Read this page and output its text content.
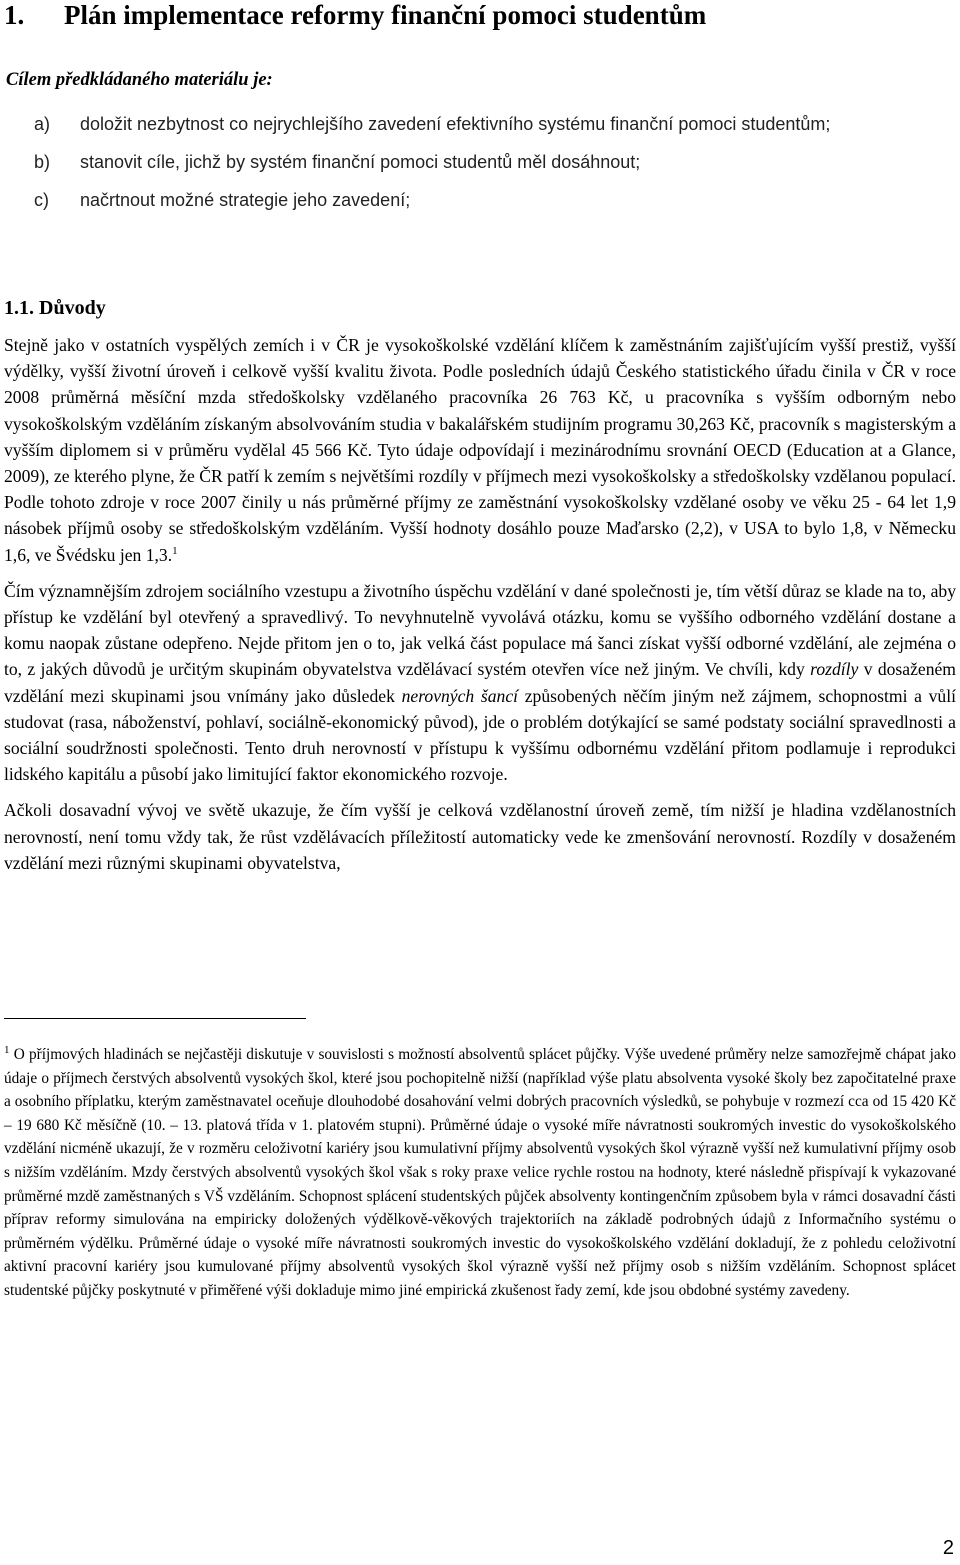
1. Plán implementace reformy finanční pomoci studentům

Cílem předkládaného materiálu je:

a) doložit nezbytnost co nejrychlejšího zavedení efektivního systému finanční pomoci studentům;
b) stanovit cíle, jichž by systém finanční pomoci studentů měl dosáhnout;
c) načrtnout možné strategie jeho zavedení;
1.1. Důvody

Stejně jako v ostatních vyspělých zemích i v ČR je vysokoškolské vzdělání klíčem k zaměstnáním zajišťujícím vyšší prestiž, vyšší výdělky, vyšší životní úroveň i celkově vyšší kvalitu života. Podle posledních údajů Českého statistického úřadu činila v ČR v roce 2008 průměrná měsíční mzda středoškolsky vzdělaného pracovníka 26 763 Kč, u pracovníka s vyšším odborným nebo vysokoškolským vzděláním získaným absolvováním studia v bakalářském studijním programu 30,263 Kč, pracovník s magisterským a vyšším diplomem si v průměru vydělal 45 566 Kč. Tyto údaje odpovídají i mezinárodnímu srovnání OECD (Education at a Glance, 2009), ze kterého plyne, že ČR patří k zemím s největšími rozdíly v příjmech mezi vysokoškolsky a středoškolsky vzdělanou populací. Podle tohoto zdroje v roce 2007 činily u nás průměrné příjmy ze zaměstnání vysokoškolsky vzdělané osoby ve věku 25 - 64 let 1,9 násobek příjmů osoby se středoškolským vzděláním. Vyšší hodnoty dosáhlo pouze Maďarsko (2,2), v USA to bylo 1,8, v Německu 1,6, ve Švédsku jen 1,3.$^1$

Čím významnějším zdrojem sociálního vzestupu a životního úspěchu vzdělání v dané společnosti je, tím větší důraz se klade na to, aby přístup ke vzdělání byl otevřený a spravedlivý. To nevyhnutelně vyvolává otázku, komu se vyššího odborného vzdělání dostane a komu naopak zůstane odepřeno. Nejde přitom jen o to, jak velká část populace má šanci získat vyšší odborné vzdělání, ale zejména o to, z jakých důvodů je určitým skupinám obyvatelstva vzdělávací systém otevřen více než jiným. Ve chvíli, kdy rozdíly v dosaženém vzdělání mezi skupinami jsou vnímány jako důsledek nerovných šancí způsobených něčím jiným než zájmem, schopnostmi a vůlí studovat (rasa, náboženství, pohlaví, sociálně-ekonomický původ), jde o problém dotýkající se samé podstaty sociální spravedlnosti a sociální soudržnosti společnosti. Tento druh nerovností v přístupu k vyššímu odbornému vzdělání přitom podlamuje i reprodukci lidského kapitálu a působí jako limitující faktor ekonomického rozvoje.

Ačkoli dosavadní vývoj ve světě ukazuje, že čím vyšší je celková vzdělanostní úroveň země, tím nižší je hladina vzdělanostních nerovností, není tomu vždy tak, že růst vzdělávacích příležitostí automaticky vede ke zmenšování nerovností. Rozdíly v dosaženém vzdělání mezi různými skupinami obyvatelstva,

$^1$ O příjmových hladinách se nejčastěji diskutuje v souvislosti s možností absolventů splácet půjčky. Výše uvedené průměry nelze samozřejmě chápat jako údaje o příjmech čerstvých absolventů vysokých škol, které jsou pochopitelně nižší (například výše platu absolventa vysoké školy bez započitatelné praxe a osobního příplatku, kterým zaměstnavatel oceňuje dlouhodobé dosahování velmi dobrých pracovních výsledků, se pohybuje v rozmezí cca od 15 420 Kč – 19 680 Kč měsíčně (10. – 13. platová třída v 1. platovém stupni). Průměrné údaje o vysoké míře návratnosti soukromých investic do vysokoškolského vzdělání nicméně ukazují, že v rozměru celoživotní kariéry jsou kumulativní příjmy absolventů vysokých škol výrazně vyšší než kumulativní příjmy osob s nižším vzděláním. Mzdy čerstvých absolventů vysokých škol však s roky praxe velice rychle rostou na hodnoty, které následně přispívají k vykazované průměrné mzdě zaměstnaných s VŠ vzděláním. Schopnost splácení studentských půjček absolventy kontingenčním způsobem byla v rámci dosavadní části příprav reformy simulována na empiricky doložených výdělkově-věkových trajektoriích na základě podrobných údajů z Informačního systému o průměrném výdělku. Průměrné údaje o vysoké míře návratnosti soukromých investic do vysokoškolského vzdělání dokladují, že z pohledu celoživotní aktivní pracovní kariéry jsou kumulované příjmy absolventů vysokých škol výrazně vyšší než příjmy osob s nižším vzděláním. Schopnost splácet studentské půjčky poskytnuté v přiměřené výši dokladuje mimo jiné empirická zkušenost řady zemí, kde jsou obdobné systémy zavedeny.

2
